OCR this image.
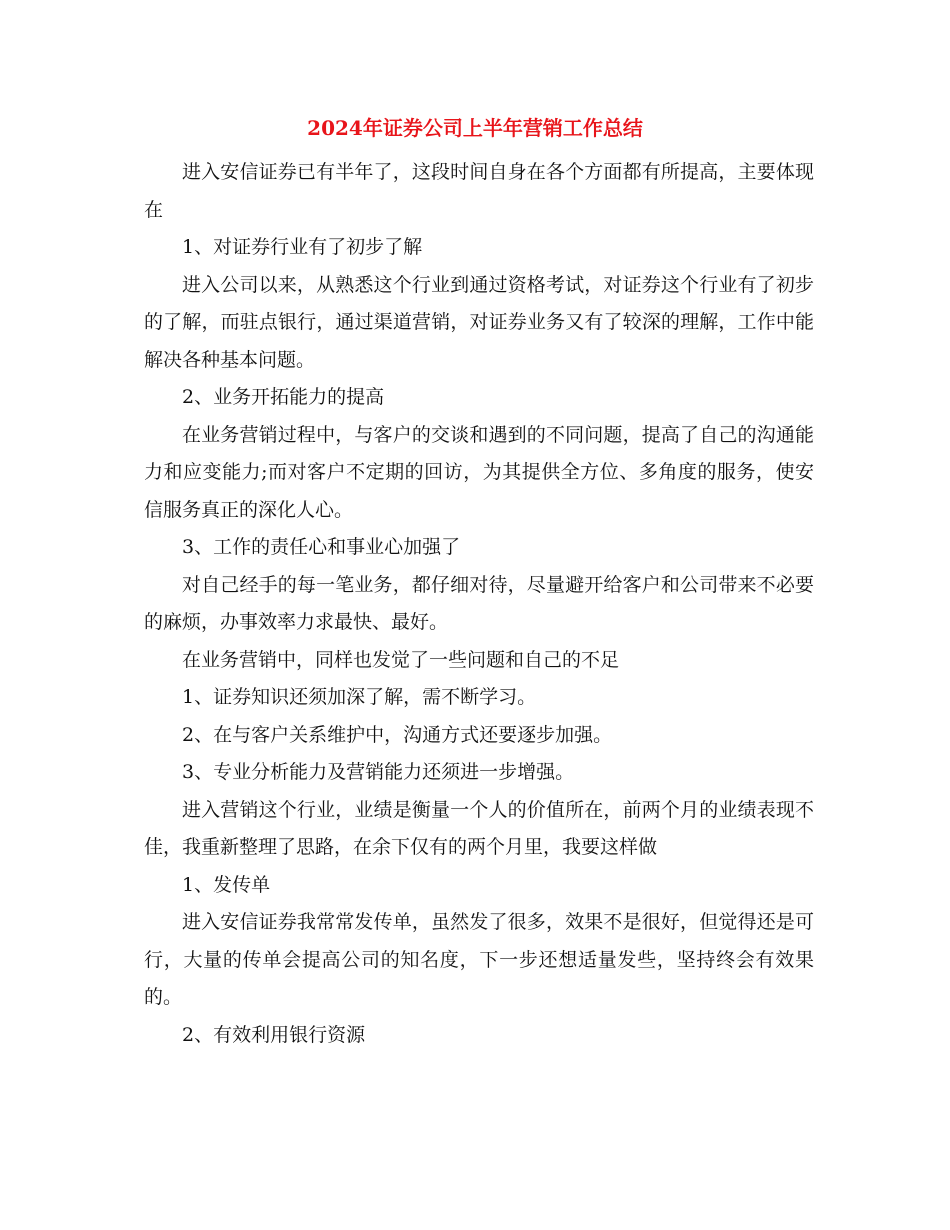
2024年证券公司上半年营销工作总结

进入安信证券已有半年了，这段时间自身在各个方面都有所提高，主要体现在

1、对证券行业有了初步了解

进入公司以来，从熟悉这个行业到通过资格考试，对证券这个行业有了初步的了解，而驻点银行，通过渠道营销，对证券业务又有了较深的理解，工作中能解决各种基本问题。

2、业务开拓能力的提高

在业务营销过程中，与客户的交谈和遇到的不同问题，提高了自己的沟通能力和应变能力;而对客户不定期的回访，为其提供全方位、多角度的服务，使安信服务真正的深化人心。

3、工作的责任心和事业心加强了

对自己经手的每一笔业务，都仔细对待，尽量避开给客户和公司带来不必要的麻烦，办事效率力求最快、最好。

在业务营销中，同样也发觉了一些问题和自己的不足

1、证券知识还须加深了解，需不断学习。

2、在与客户关系维护中，沟通方式还要逐步加强。

3、专业分析能力及营销能力还须进一步增强。

进入营销这个行业，业绩是衡量一个人的价值所在，前两个月的业绩表现不佳，我重新整理了思路，在余下仅有的两个月里，我要这样做

1、发传单

进入安信证券我常常发传单，虽然发了很多，效果不是很好，但觉得还是可行，大量的传单会提高公司的知名度，下一步还想适量发些，坚持终会有效果的。

2、有效利用银行资源
